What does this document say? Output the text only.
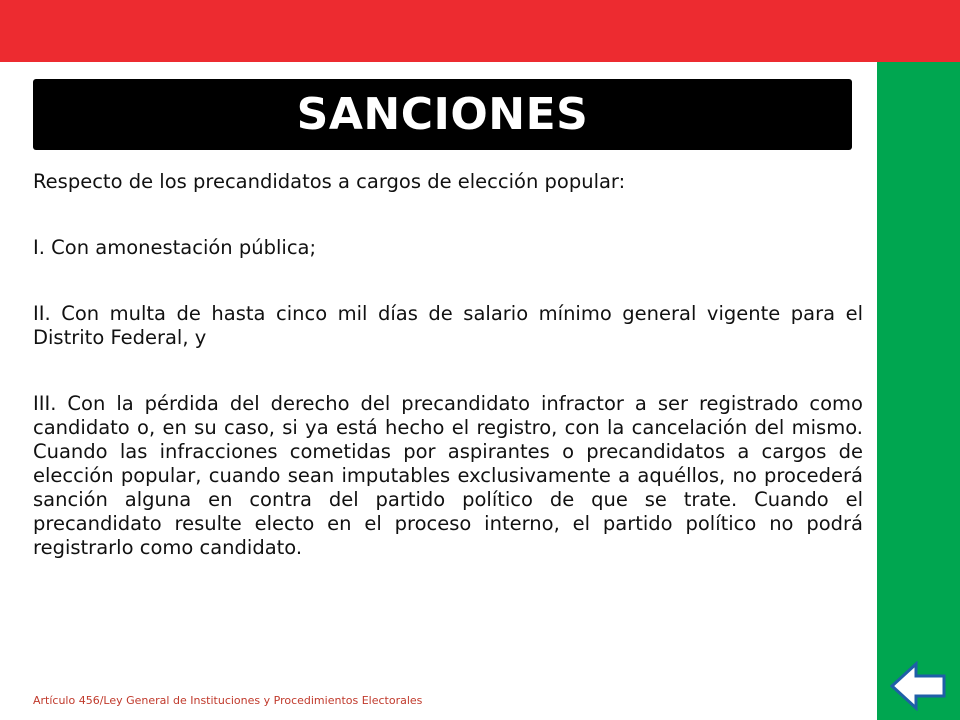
SANCIONES

Respecto de los precandidatos a cargos de elección popular:

I. Con amonestación pública;

II. Con multa de hasta cinco mil días de salario mínimo general vigente para el Distrito Federal, y

III. Con la pérdida del derecho del precandidato infractor a ser registrado como candidato o, en su caso, si ya está hecho el registro, con la cancelación del mismo. Cuando las infracciones cometidas por aspirantes o precandidatos a cargos de elección popular, cuando sean imputables exclusivamente a aquéllos, no procederá sanción alguna en contra del partido político de que se trate. Cuando el precandidato resulte electo en el proceso interno, el partido político no podrá registrarlo como candidato.

Artículo 456/Ley General de Instituciones y Procedimientos Electorales
